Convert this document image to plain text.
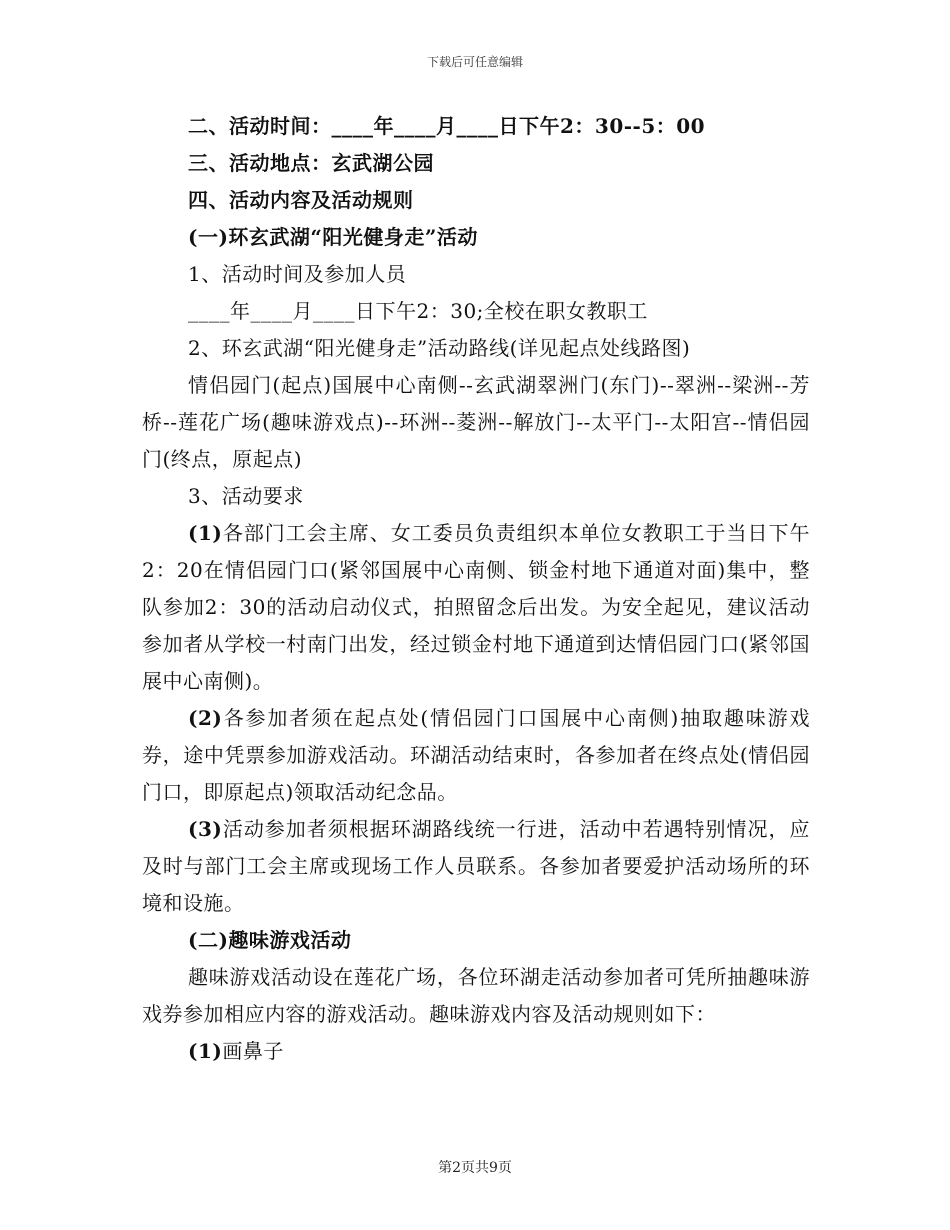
下载后可任意编辑
二、活动时间：____年____月____日下午2：30--5：00
三、活动地点：玄武湖公园
四、活动内容及活动规则
(一)环玄武湖“阳光健身走”活动
1、活动时间及参加人员
____年____月____日下午2：30;全校在职女教职工
2、环玄武湖“阳光健身走”活动路线(详见起点处线路图)
情侣园门(起点)国展中心南侧--玄武湖翠洲门(东门)--翠洲--梁洲--芳桥--莲花广场(趣味游戏点)--环洲--菱洲--解放门--太平门--太阳宫--情侣园门(终点，原起点)
3、活动要求
(1)各部门工会主席、女工委员负责组织本单位女教职工于当日下午2：20在情侣园门口(紧邻国展中心南侧、锁金村地下通道对面)集中，整队参加2：30的活动启动仪式，拍照留念后出发。为安全起见，建议活动参加者从学校一村南门出发，经过锁金村地下通道到达情侣园门口(紧邻国展中心南侧)。
(2)各参加者须在起点处(情侣园门口国展中心南侧)抽取趣味游戏券，途中凭票参加游戏活动。环湖活动结束时，各参加者在终点处(情侣园门口，即原起点)领取活动纪念品。
(3)活动参加者须根据环湖路线统一行进，活动中若遇特别情况，应及时与部门工会主席或现场工作人员联系。各参加者要爱护活动场所的环境和设施。
(二)趣味游戏活动
趣味游戏活动设在莲花广场，各位环湖走活动参加者可凭所抽趣味游戏券参加相应内容的游戏活动。趣味游戏内容及活动规则如下：
(1)画鼻子
第2页共9页
